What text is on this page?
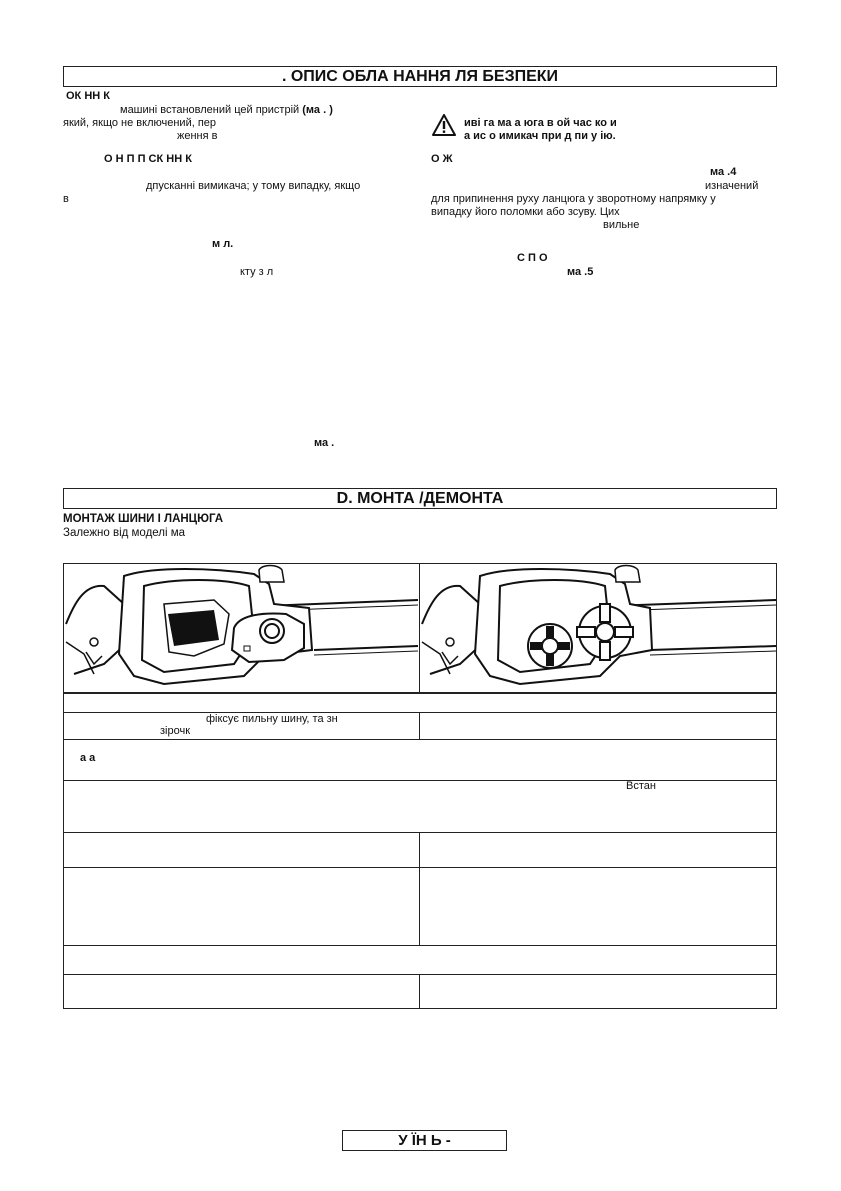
. ОПИС ОБЛА НАННЯ ЛЯ БЕЗПЕКИ
ОК НН К
машині встановлений цей пристрій (ма . )
який, якщо не включений, пер
ження в
О Н П П СК НН К
дпусканні вимикача; у тому випадку, якщо
в
м л.
кту з л
ма .
иві га ма а юга в ой час ко и
а ис о имикач при д пи у ію.
О Ж
ма .4
изначений
для припинення руху ланцюга у зворотному напрямку у
випадку його поломки або зсуву. Цих
вильне
С П О
ма .5
D. МОНТА /ДЕМОНТА
МОНТАЖ ШИНИ І ЛАНЦЮГА
Залежно від моделі ма
фіксує пильну шину, та зн
зірочк
а а
Встан
У ЇН Ь -
